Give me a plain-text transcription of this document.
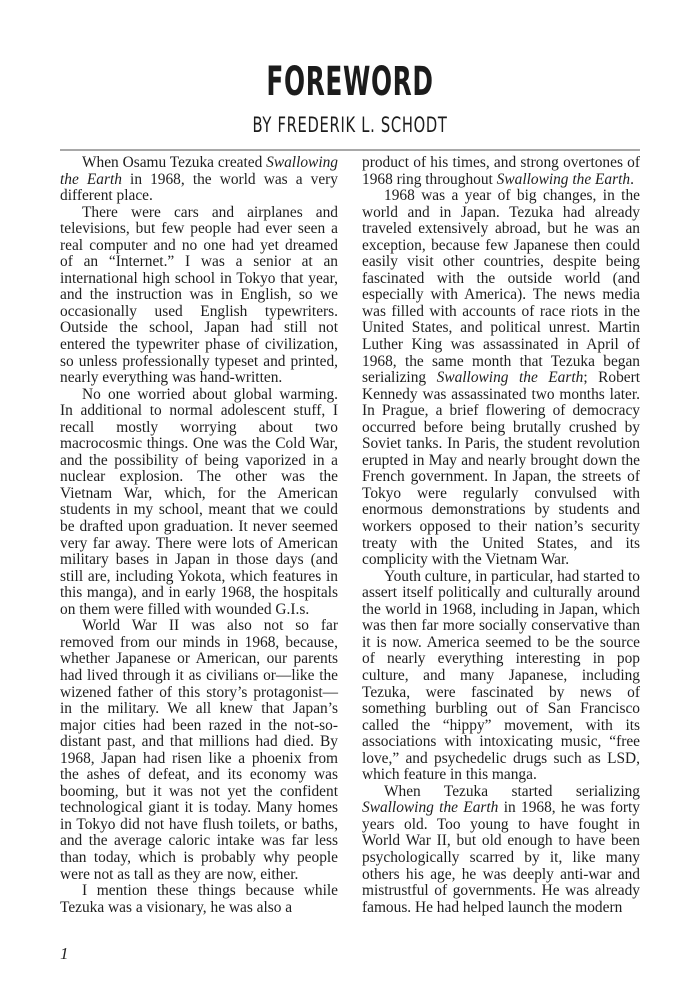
FOREWORD
BY FREDERIK L. SCHODT

When Osamu Tezuka created Swallowing the Earth in 1968, the world was a very different place.

There were cars and airplanes and televisions, but few people had ever seen a real computer and no one had yet dreamed of an “Internet.” I was a senior at an international high school in Tokyo that year, and the instruction was in English, so we occasionally used English typewriters. Outside the school, Japan had still not entered the typewriter phase of civilization, so unless professionally typeset and printed, nearly everything was hand-written.

No one worried about global warming. In additional to normal adolescent stuff, I recall mostly worrying about two macrocosmic things. One was the Cold War, and the possibility of being vaporized in a nuclear explosion. The other was the Vietnam War, which, for the American students in my school, meant that we could be drafted upon graduation. It never seemed very far away. There were lots of American military bases in Japan in those days (and still are, including Yokota, which features in this manga), and in early 1968, the hospitals on them were filled with wounded G.I.s.

World War II was also not so far removed from our minds in 1968, because, whether Japanese or American, our parents had lived through it as civilians or—like the wizened father of this story’s protagonist—in the military. We all knew that Japan’s major cities had been razed in the not-so-distant past, and that millions had died. By 1968, Japan had risen like a phoenix from the ashes of defeat, and its economy was booming, but it was not yet the confident technological giant it is today. Many homes in Tokyo did not have flush toilets, or baths, and the average caloric intake was far less than today, which is probably why people were not as tall as they are now, either.

I mention these things because while Tezuka was a visionary, he was also a

product of his times, and strong overtones of 1968 ring throughout Swallowing the Earth.

1968 was a year of big changes, in the world and in Japan. Tezuka had already traveled extensively abroad, but he was an exception, because few Japanese then could easily visit other countries, despite being fascinated with the outside world (and especially with America). The news media was filled with accounts of race riots in the United States, and political unrest. Martin Luther King was assassinated in April of 1968, the same month that Tezuka began serializing Swallowing the Earth; Robert Kennedy was assassinated two months later. In Prague, a brief flowering of democracy occurred before being brutally crushed by Soviet tanks. In Paris, the student revolution erupted in May and nearly brought down the French government. In Japan, the streets of Tokyo were regularly convulsed with enormous demonstrations by students and workers opposed to their nation’s security treaty with the United States, and its complicity with the Vietnam War.

Youth culture, in particular, had started to assert itself politically and culturally around the world in 1968, including in Japan, which was then far more socially conservative than it is now. America seemed to be the source of nearly everything interesting in pop culture, and many Japanese, including Tezuka, were fascinated by news of something burbling out of San Francisco called the “hippy” movement, with its associations with intoxicating music, “free love,” and psychedelic drugs such as LSD, which feature in this manga.

When Tezuka started serializing Swallowing the Earth in 1968, he was forty years old. Too young to have fought in World War II, but old enough to have been psychologically scarred by it, like many others his age, he was deeply anti-war and mistrustful of governments. He was already famous. He had helped launch the modern

1
